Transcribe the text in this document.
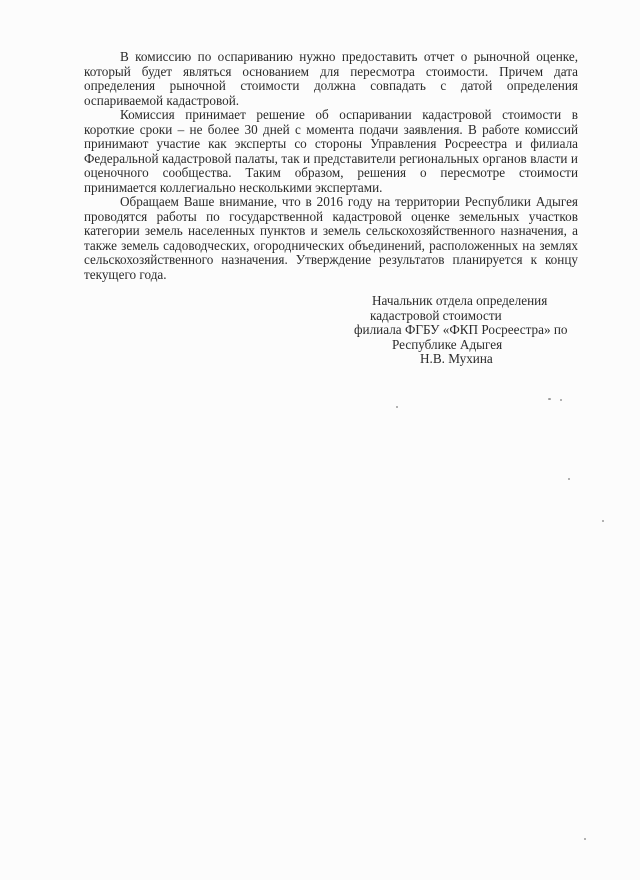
В комиссию по оспариванию нужно предоставить отчет о рыночной оценке, который будет являться основанием для пересмотра стоимости. Причем дата определения рыночной стоимости должна совпадать с датой определения оспариваемой кадастровой.

Комиссия принимает решение об оспаривании кадастровой стоимости в короткие сроки – не более 30 дней с момента подачи заявления. В работе комиссий принимают участие как эксперты со стороны Управления Росреестра и филиала Федеральной кадастровой палаты, так и представители региональных органов власти и оценочного сообщества. Таким образом, решения о пересмотре стоимости принимается коллегиально несколькими экспертами.

Обращаем Ваше внимание, что в 2016 году на территории Республики Адыгея проводятся работы по государственной кадастровой оценке земельных участков категории земель населенных пунктов и земель сельскохозяйственного назначения, а также земель садоводческих, огороднических объединений, расположенных на землях сельскохозяйственного назначения. Утверждение результатов планируется к концу текущего года.

Начальник отдела определения
кадастровой стоимости
филиала ФГБУ «ФКП Росреестра» по
Республике Адыгея
Н.В. Мухина
